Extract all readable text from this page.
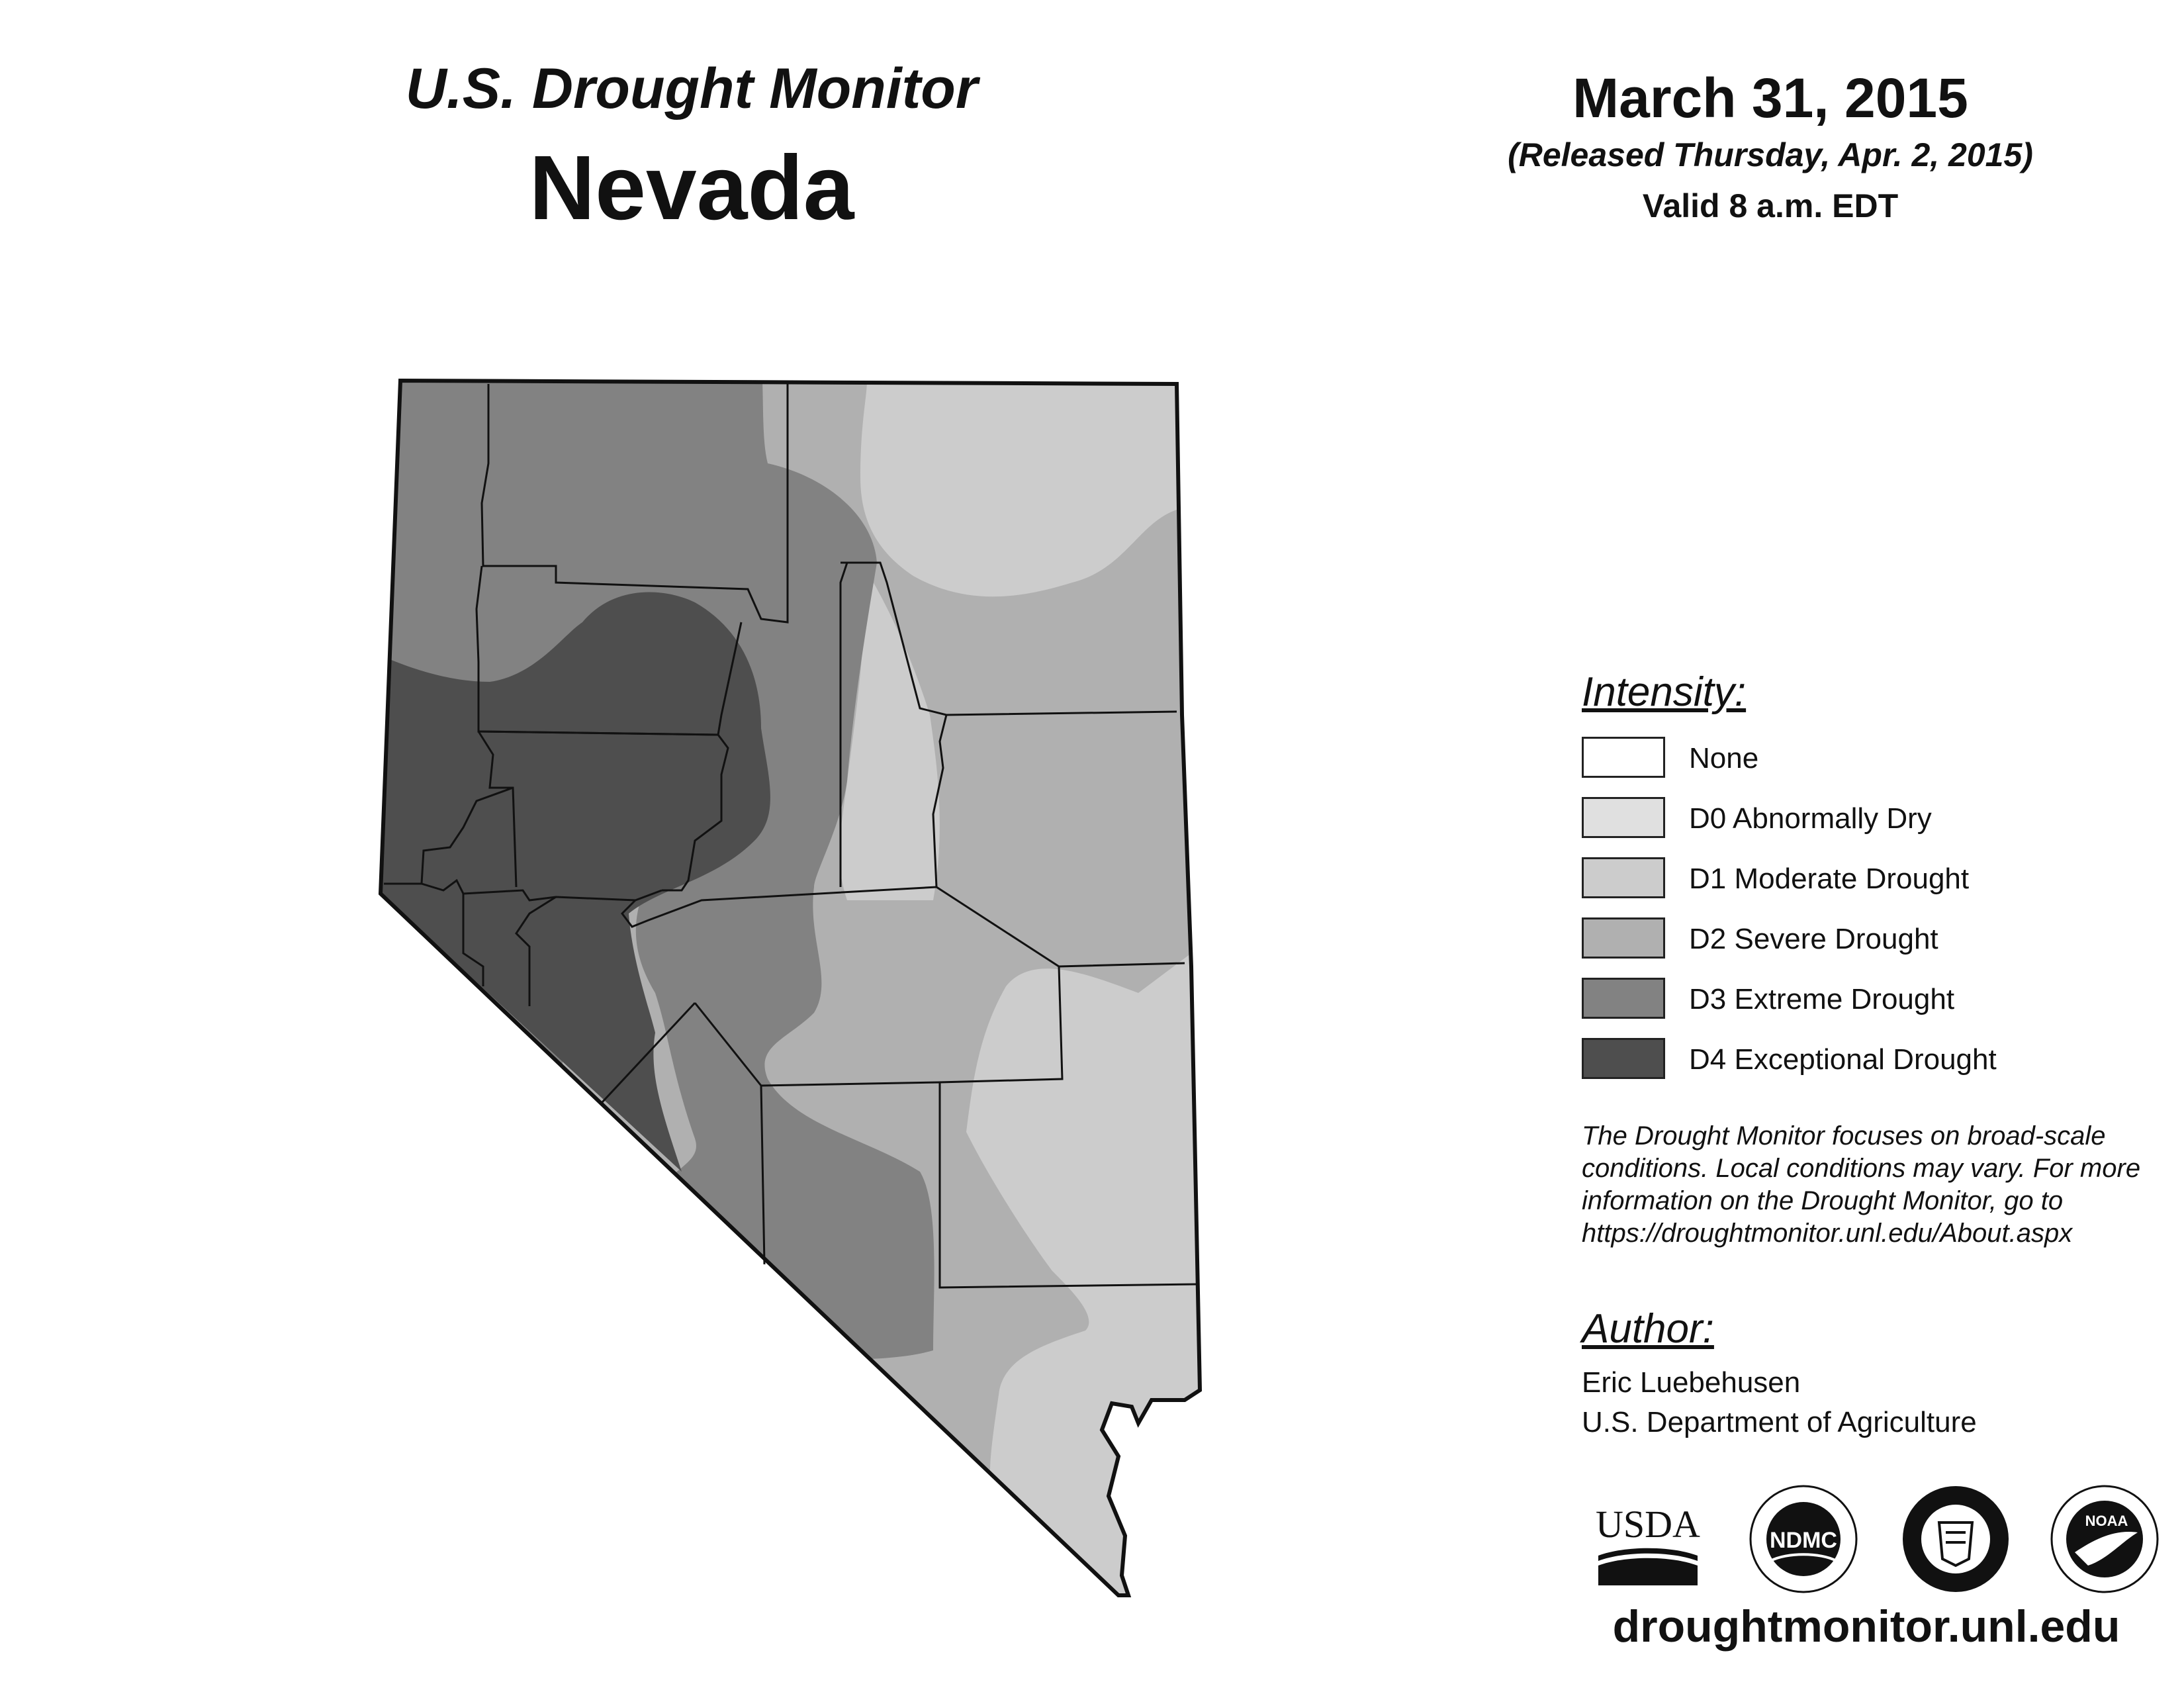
U.S. Drought Monitor
Nevada
March 31, 2015
(Released Thursday, Apr. 2, 2015)
Valid 8 a.m. EDT
Intensity:
None
D0 Abnormally Dry
D1 Moderate Drought
D2 Severe Drought
D3 Extreme Drought
D4 Exceptional Drought
The Drought Monitor focuses on broad-scale conditions. Local conditions may vary. For more information on the Drought Monitor, go to https://droughtmonitor.unl.edu/About.aspx
Author:
Eric Luebehusen
U.S. Department of Agriculture
USDA	NDMC
NOAA
droughtmonitor.unl.edu
